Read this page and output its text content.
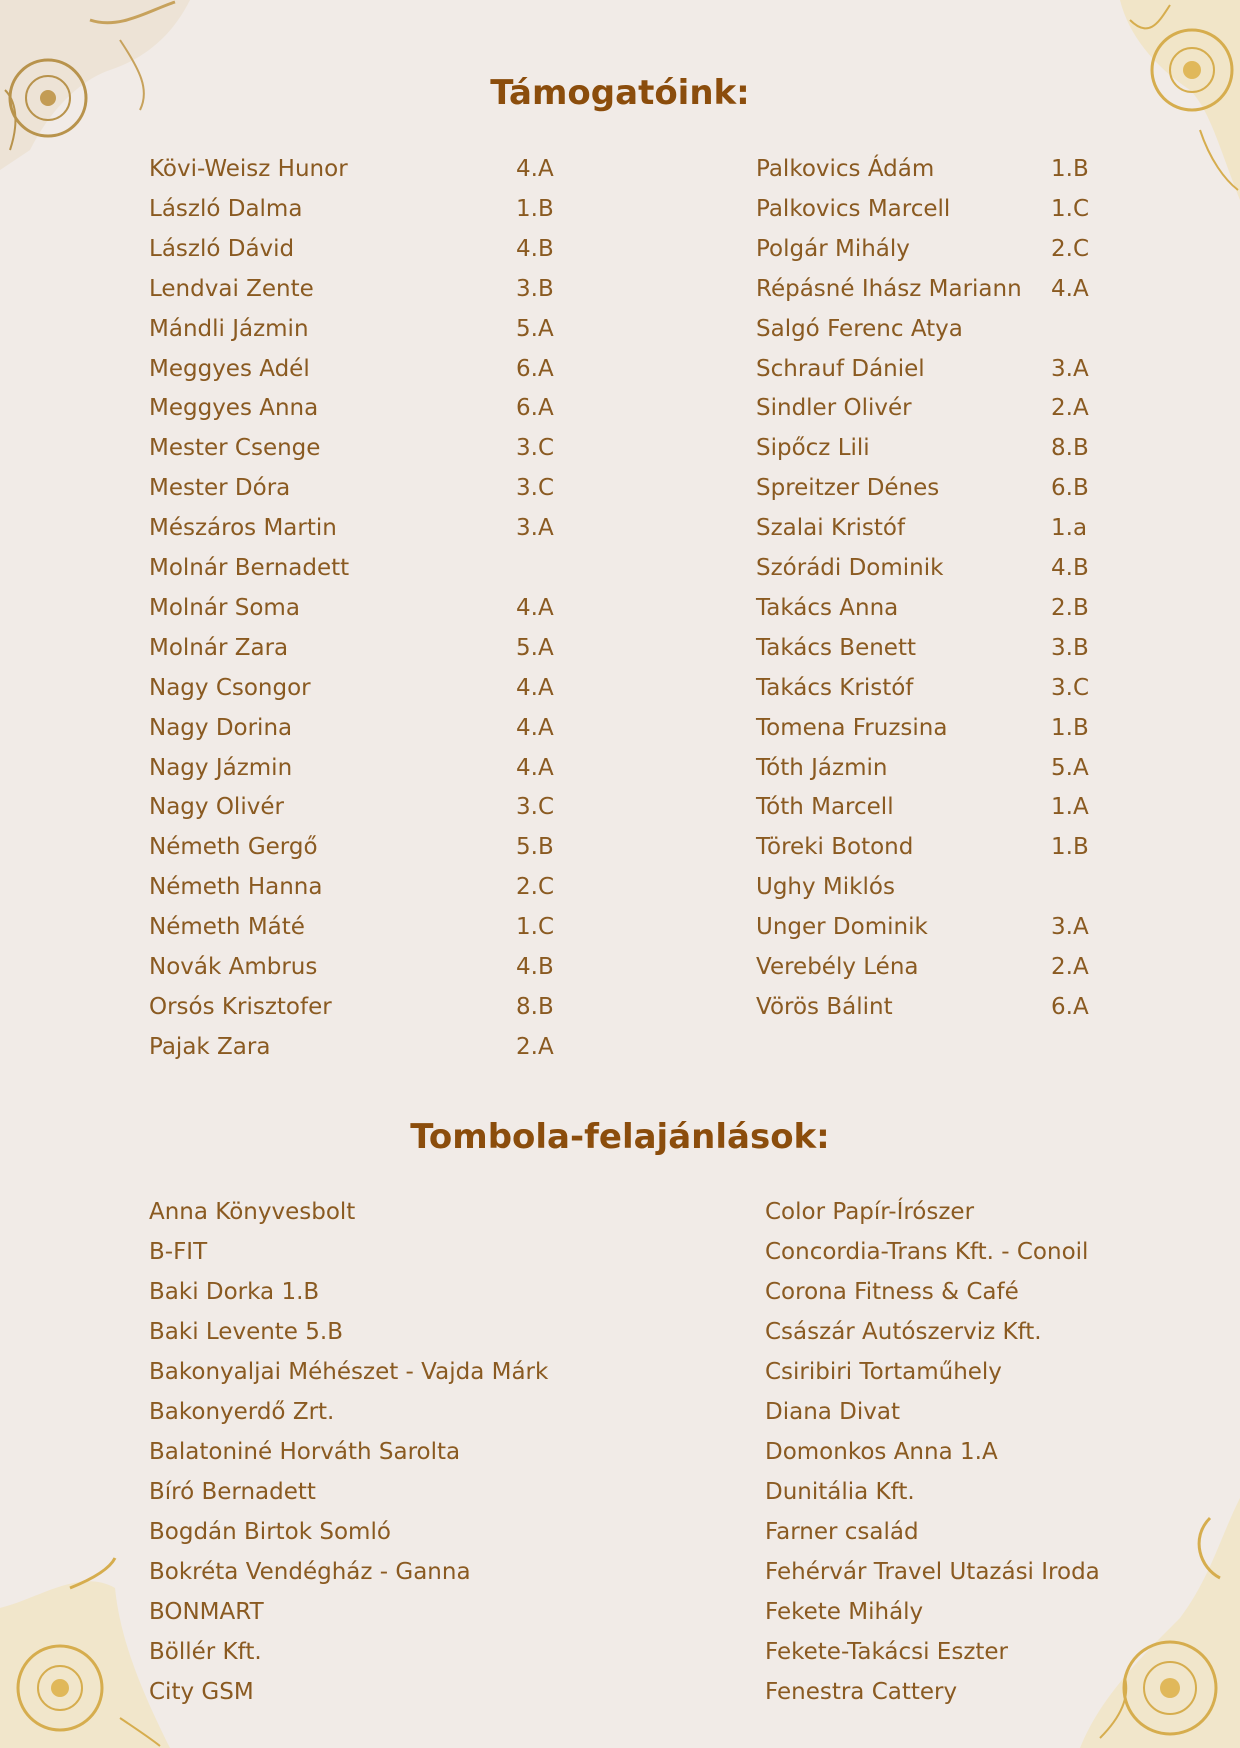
Támogatóink:
Kövi-Weisz Hunor	4.A
László Dalma	1.B
László Dávid	4.B
Lendvai Zente	3.B
Mándli Jázmin	5.A
Meggyes Adél	6.A
Meggyes Anna	6.A
Mester Csenge	3.C
Mester Dóra	3.C
Mészáros Martin	3.A
Molnár Bernadett
Molnár Soma	4.A
Molnár Zara	5.A
Nagy Csongor	4.A
Nagy Dorina	4.A
Nagy Jázmin	4.A
Nagy Olivér	3.C
Németh Gergő	5.B
Németh Hanna	2.C
Németh Máté	1.C
Novák Ambrus	4.B
Orsós Krisztofer	8.B
Pajak Zara	2.A
Palkovics Ádám	1.B
Palkovics Marcell	1.C
Polgár Mihály	2.C
Répásné Ihász Mariann 4.A
Salgó Ferenc Atya
Schrauf Dániel	3.A
Sindler Olivér	2.A
Sipőcz Lili	8.B
Spreitzer Dénes	6.B
Szalai Kristóf	1.a
Szórádi Dominik	4.B
Takács Anna	2.B
Takács Benett	3.B
Takács Kristóf	3.C
Tomena Fruzsina	1.B
Tóth Jázmin	5.A
Tóth Marcell	1.A
Töreki Botond	1.B
Ughy Miklós
Unger Dominik	3.A
Verebély Léna	2.A
Vörös Bálint	6.A
Tombola-felajánlások:
Anna Könyvesbolt
B-FIT
Baki Dorka 1.B
Baki Levente 5.B
Bakonyaljai Méhészet - Vajda Márk
Bakonyerdő Zrt.
Balatoniné Horváth Sarolta
Bíró Bernadett
Bogdán Birtok Somló
Bokréta Vendégház - Ganna
BONMART
Böllér Kft.
City GSM
Color Papír-Írószer
Concordia-Trans Kft. - Conoil
Corona Fitness & Café
Császár Autószerviz Kft.
Csiribiri Tortaműhely
Diana Divat
Domonkos Anna 1.A
Dunitália Kft.
Farner család
Fehérvár Travel Utazási Iroda
Fekete Mihály
Fekete-Takácsi Eszter
Fenestra Cattery
